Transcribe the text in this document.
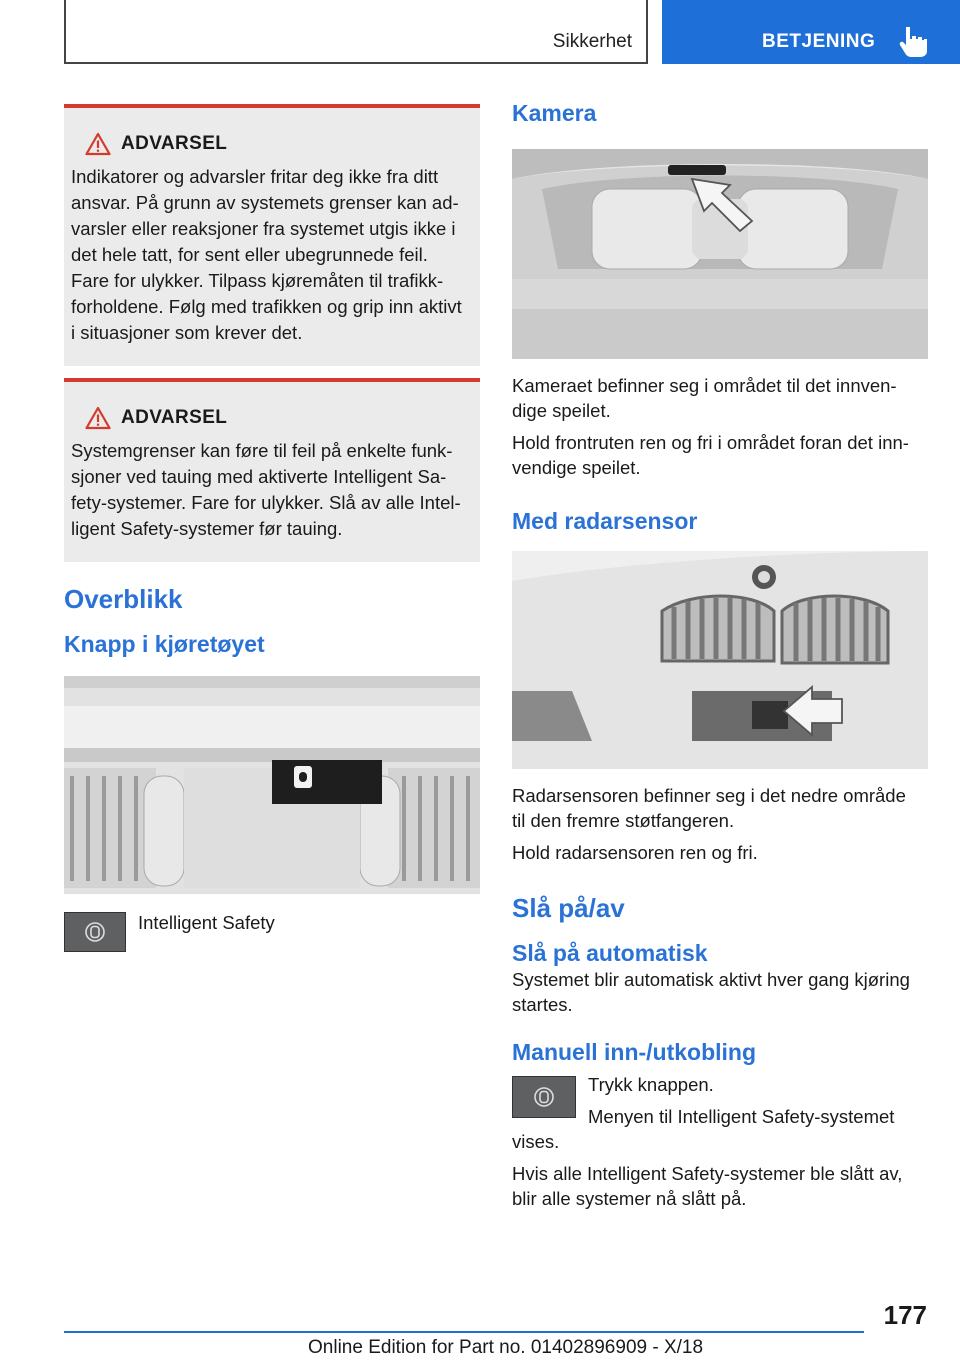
Sikkerhet	BETJENING
ADVARSEL
Indikatorer og advarsler fritar deg ikke fra ditt
ansvar. På grunn av systemets grenser kan ad-
varsler eller reaksjoner fra systemet utgis ikke i
det hele tatt, for sent eller ubegrunnede feil.
Fare for ulykker. Tilpass kjøremåten til trafikk-
forholdene. Følg med trafikken og grip inn aktivt
i situasjoner som krever det.
ADVARSEL
Systemgrenser kan føre til feil på enkelte funk-
sjoner ved tauing med aktiverte Intelligent Sa-
fety-systemer. Fare for ulykker. Slå av alle Intel-
ligent Safety-systemer før tauing.
Overblikk
Knapp i kjøretøyet

Intelligent Safety

Kamera

Kameraet befinner seg i området til det innven-
dige speilet.

Hold frontruten ren og fri i området foran det inn-
vendige speilet.

Med radarsensor

Radarsensoren befinner seg i det nedre område
til den fremre støtfangeren.

Hold radarsensoren ren og fri.

Slå på/av
Slå på automatisk

Systemet blir automatisk aktivt hver gang kjøring
startes.

Manuell inn-/utkobling

Trykk knappen.

Menyen til Intelligent Safety-systemet

vises.

Hvis alle Intelligent Safety-systemer ble slått av,
blir alle systemer nå slått på.

177
Online Edition for Part no. 01402896909 - X/18
